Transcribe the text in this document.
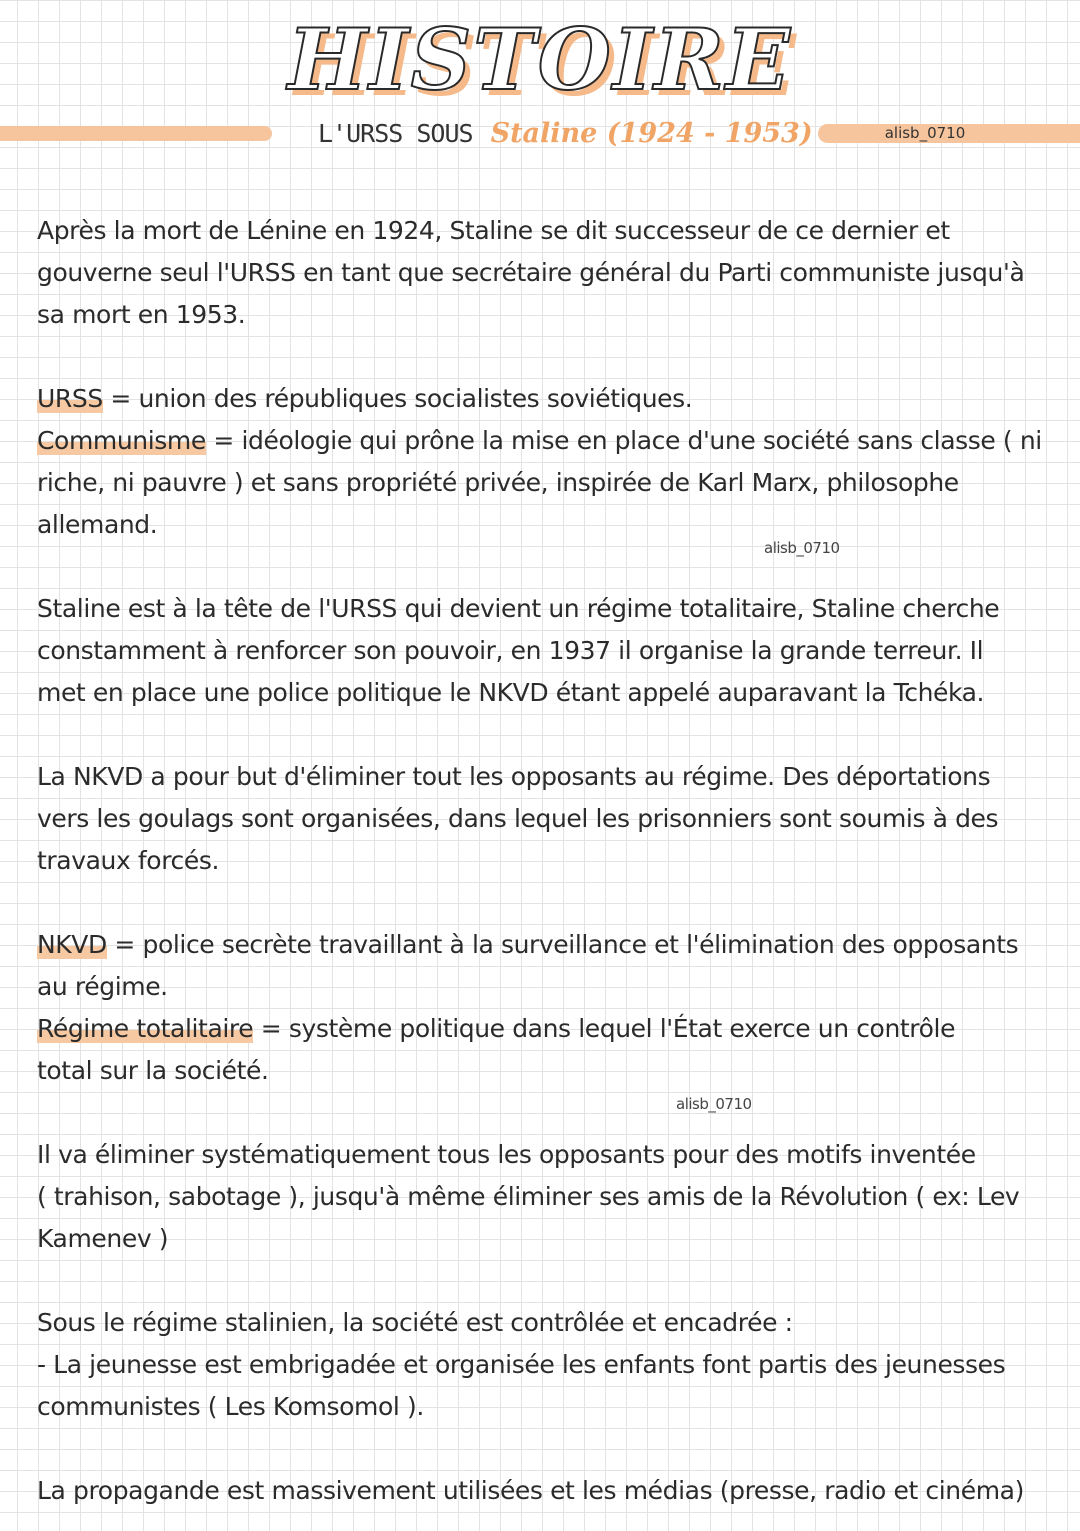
HISTOIRE
alisb_0710
L'URSS SOUS Staline (1924 - 1953)

Après la mort de Lénine en 1924, Staline se dit successeur de ce dernier et
gouverne seul l'URSS en tant que secrétaire général du Parti communiste jusqu'à
sa mort en 1953.

URSS = union des républiques socialistes soviétiques.
Communisme = idéologie qui prône la mise en place d'une société sans classe ( ni
riche, ni pauvre ) et sans propriété privée, inspirée de Karl Marx, philosophe
allemand.

alisb_0710

Staline est à la tête de l'URSS qui devient un régime totalitaire, Staline cherche
constamment à renforcer son pouvoir, en 1937 il organise la grande terreur. Il
met en place une police politique le NKVD étant appelé auparavant la Tchéka.

La NKVD a pour but d'éliminer tout les opposants au régime. Des déportations
vers les goulags sont organisées, dans lequel les prisonniers sont soumis à des
travaux forcés.

NKVD = police secrète travaillant à la surveillance et l'élimination des opposants
au régime.
Régime totalitaire = système politique dans lequel l'État exerce un contrôle
total sur la société.

alisb_0710

Il va éliminer systématiquement tous les opposants pour des motifs inventée
( trahison, sabotage ), jusqu'à même éliminer ses amis de la Révolution ( ex: Lev
Kamenev )

Sous le régime stalinien, la société est contrôlée et encadrée :
- La jeunesse est embrigadée et organisée les enfants font partis des jeunesses
communistes ( Les Komsomol ).

La propagande est massivement utilisées et les médias (presse, radio et cinéma)
